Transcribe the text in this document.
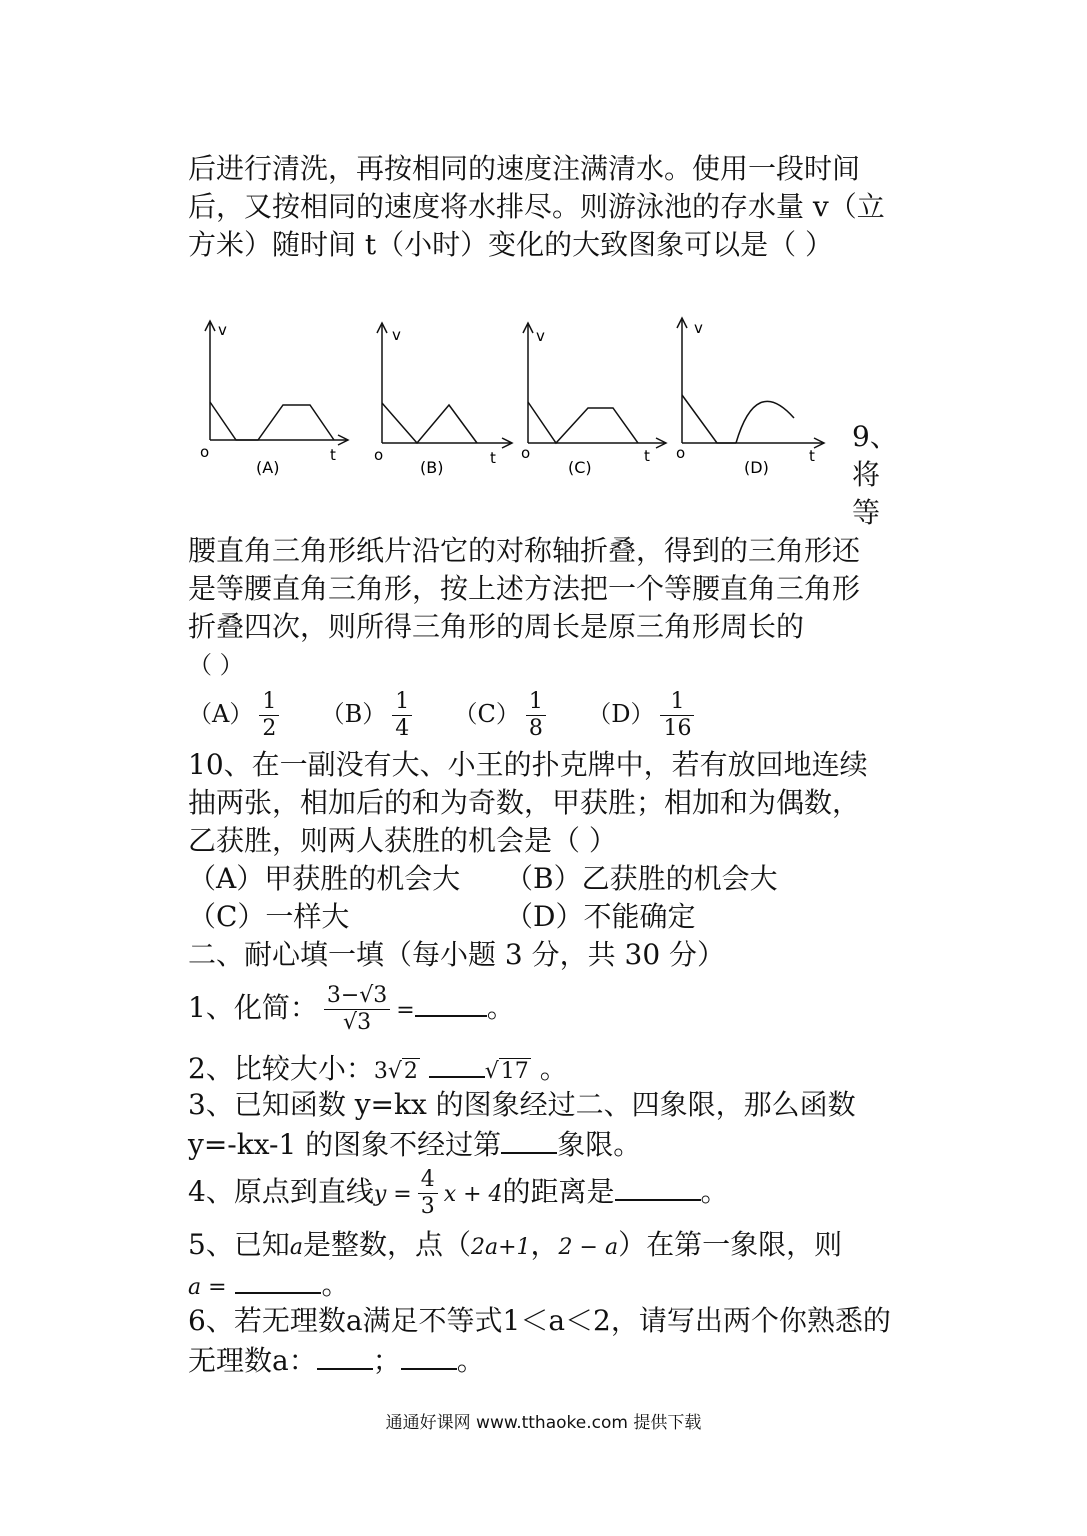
后进行清洗，再按相同的速度注满清水。使用一段时间
后，又按相同的速度将水排尽。则游泳池的存水量 v（立
方米）随时间 t（小时）变化的大致图象可以是（ ）
v
o	t
(A)
v
o	t
(B)
v
o	t
(C)
v
o	t
(D)
9、
将
等
腰直角三角形纸片沿它的对称轴折叠，得到的三角形还
是等腰直角三角形，按上述方法把一个等腰直角三角形
折叠四次，则所得三角形的周长是原三角形周长的
（ ）
$(A) \frac{1}{2} (B) \frac{1}{4} (C) \frac{1}{8} (D) \frac{1}{16}$
10、在一副没有大、小王的扑克牌中，若有放回地连续
抽两张，相加后的和为奇数，甲获胜；相加和为偶数，
乙获胜，则两人获胜的机会是（ ）
（A）甲获胜的机会大 （B）乙获胜的机会大
（C）一样大	（D）不能确定
二、耐心填一填（每小题 3 分，共 30 分）
1、化简： $\frac{3-√3}{√3}$ =	。
2、比较大小：3√2	√17 。
3、已知函数 y=kx 的图象经过二、四象限，那么函数
y=-kx-1 的图象不经过第 象限。
4、原点到直线$y = \frac{4}{3}$ x + 4的距离是	。
5、已知a是整数，点（2a+1，2 − a）在第一象限，则
a =	。
6、若无理数a满足不等式1＜a＜2，请写出两个你熟悉的
无理数a： ； 。
通通好课网 www.tthaoke.com 提供下载
